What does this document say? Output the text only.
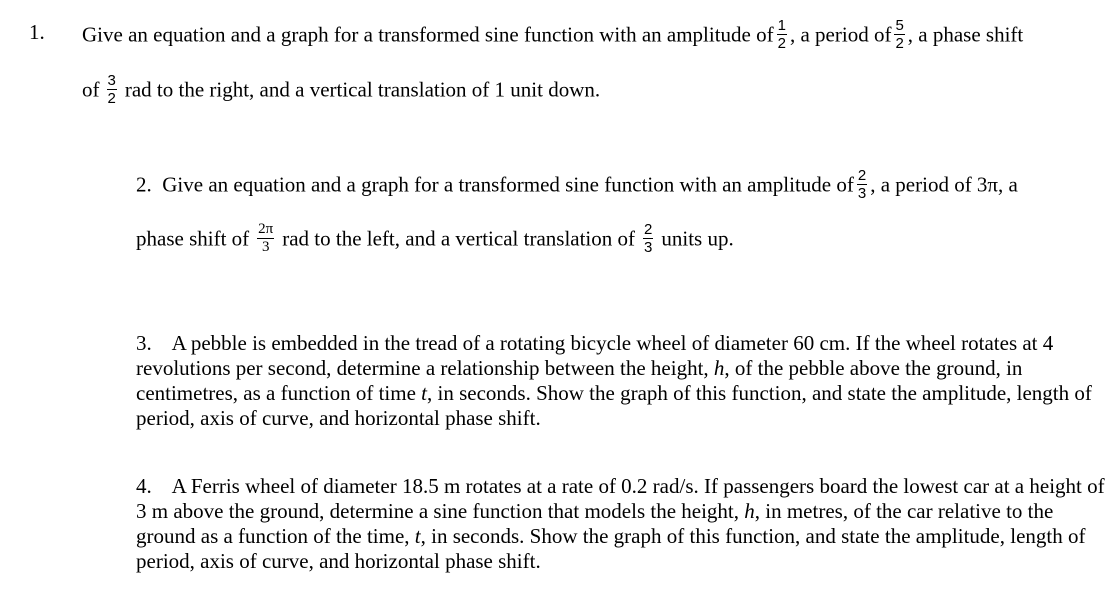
1. Give an equation and a graph for a transformed sine function with an amplitude of $\frac{1}{2}$ , a period of $\frac{5}{2}$ , a phase shift
of $\frac{3}{2}$ rad to the right, and a vertical translation of 1 unit down.
2. Give an equation and a graph for a transformed sine function with an amplitude of $\frac{2}{3}$ , a period of 3π, a
phase shift of $\frac{2\pi}{3}$ rad to the left, and a vertical translation of $\frac{2}{3}$ units up.
3. A pebble is embedded in the tread of a rotating bicycle wheel of diameter 60 cm. If the wheel rotates at 4 revolutions per second, determine a relationship between the height, h, of the pebble above the ground, in centimetres, as a function of time t, in seconds. Show the graph of this function, and state the amplitude, length of period, axis of curve, and horizontal phase shift.
4. A Ferris wheel of diameter 18.5 m rotates at a rate of 0.2 rad/s. If passengers board the lowest car at a height of 3 m above the ground, determine a sine function that models the height, h, in metres, of the car relative to the ground as a function of the time, t, in seconds. Show the graph of this function, and state the amplitude, length of period, axis of curve, and horizontal phase shift.
